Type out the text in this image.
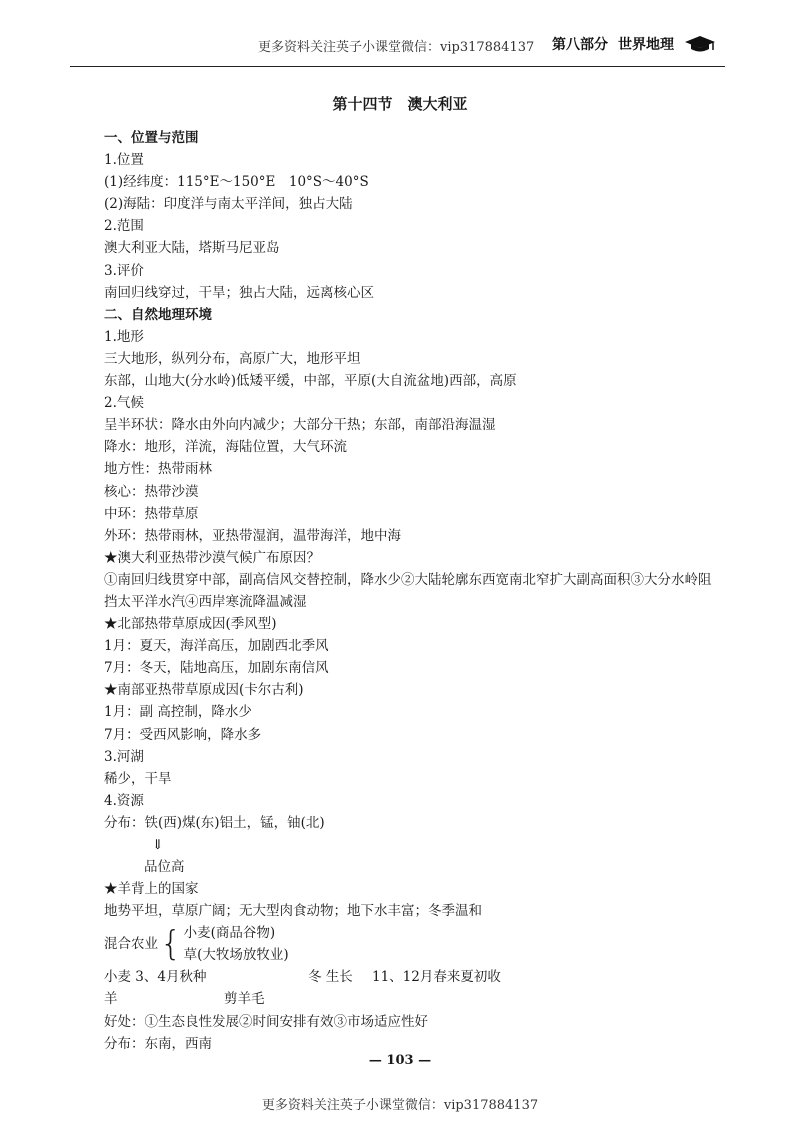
更多资料关注英子小课堂微信：vip317884137 第八部分 世界地理
第十四节　澳大利亚
一、位置与范围
1.位置
(1)经纬度：115°E～150°E　10°S～40°S
(2)海陆：印度洋与南太平洋间，独占大陆
2.范围
澳大利亚大陆，塔斯马尼亚岛
3.评价
南回归线穿过，干旱；独占大陆，远离核心区
二、自然地理环境
1.地形
三大地形，纵列分布，高原广大，地形平坦
东部，山地大(分水岭)低矮平缓，中部，平原(大自流盆地)西部，高原
2.气候
呈半环状：降水由外向内减少；大部分干热；东部，南部沿海温湿
降水：地形，洋流，海陆位置，大气环流
地方性：热带雨林
核心：热带沙漠
中环：热带草原
外环：热带雨林，亚热带湿润，温带海洋，地中海
★澳大利亚热带沙漠气候广布原因？
①南回归线贯穿中部，副高信风交替控制，降水少②大陆轮廓东西宽南北窄扩大副高面积③大分水岭阻挡太平洋水汽④西岸寒流降温减湿
★北部热带草原成因(季风型)
1月：夏天，海洋高压，加剧西北季风
7月：冬天，陆地高压，加剧东南信风
★南部亚热带草原成因(卡尔古利)
1月：副 高控制，降水少
7月：受西风影响，降水多
3.河湖
稀少，干旱
4.资源
分布：铁(西)煤(东)铝土，锰，铀(北)
⇓
品位高
★羊背上的国家
地势平坦，草原广阔；无大型肉食动物；地下水丰富；冬季温和
混合农业 { 小麦(商品谷物)
草(大牧场放牧业)
小麦 3、4月秋种	冬 生长	11、12月春来夏初收
羊	剪羊毛
好处：①生态良性发展②时间安排有效③市场适应性好
分布：东南，西南
— 103 —
更多资料关注英子小课堂微信：vip317884137
